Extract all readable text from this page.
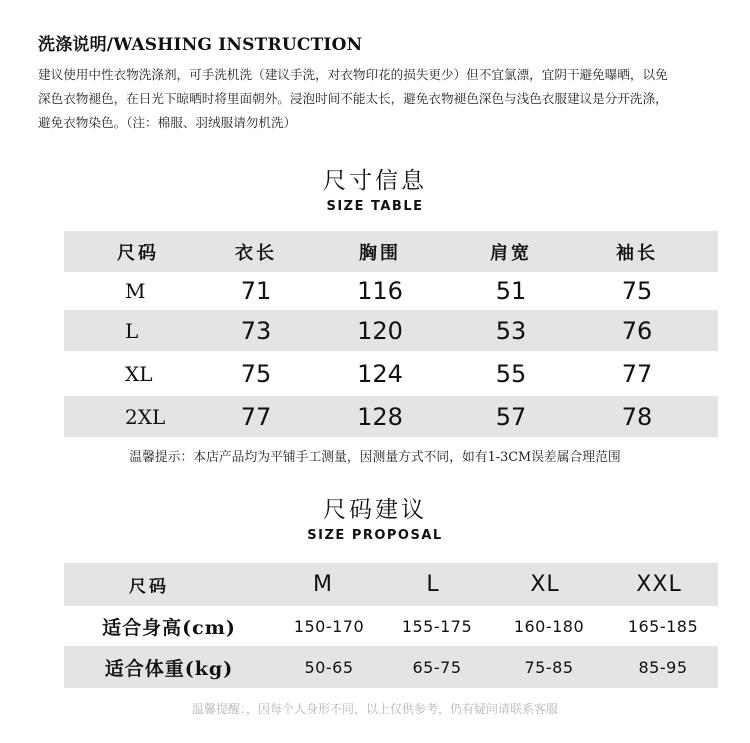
洗涤说明/WASHING INSTRUCTION
建议使用中性衣物洗涤剂，可手洗机洗（建议手洗，对衣物印花的损失更少）但不宜氯漂，宜阴干避免曝晒，以免
深色衣物褪色，在日光下晾晒时将里面朝外。浸泡时间不能太长，避免衣物褪色深色与浅色衣服建议是分开洗涤，
避免衣物染色。（注：棉服、羽绒服请勿机洗）
尺寸信息
SIZE TABLE
尺码	衣长	胸围	肩宽	袖长
M	71	116	51	75
L	73	120	53	76
XL	75	124	55	77
2XL	77	128	57	78
温馨提示：本店产品均为平铺手工测量，因测量方式不同，如有1-3CM误差属合理范围
尺码建议
SIZE PROPOSAL
尺码	M	L	XL	XXL
适合身高(cm)	150-170	155-175	160-180	165-185
适合体重(kg)	50-65	65-75	75-85	85-95
温馨提醒：，因每个人身形不同，以上仅供参考，仍有疑问请联系客服
